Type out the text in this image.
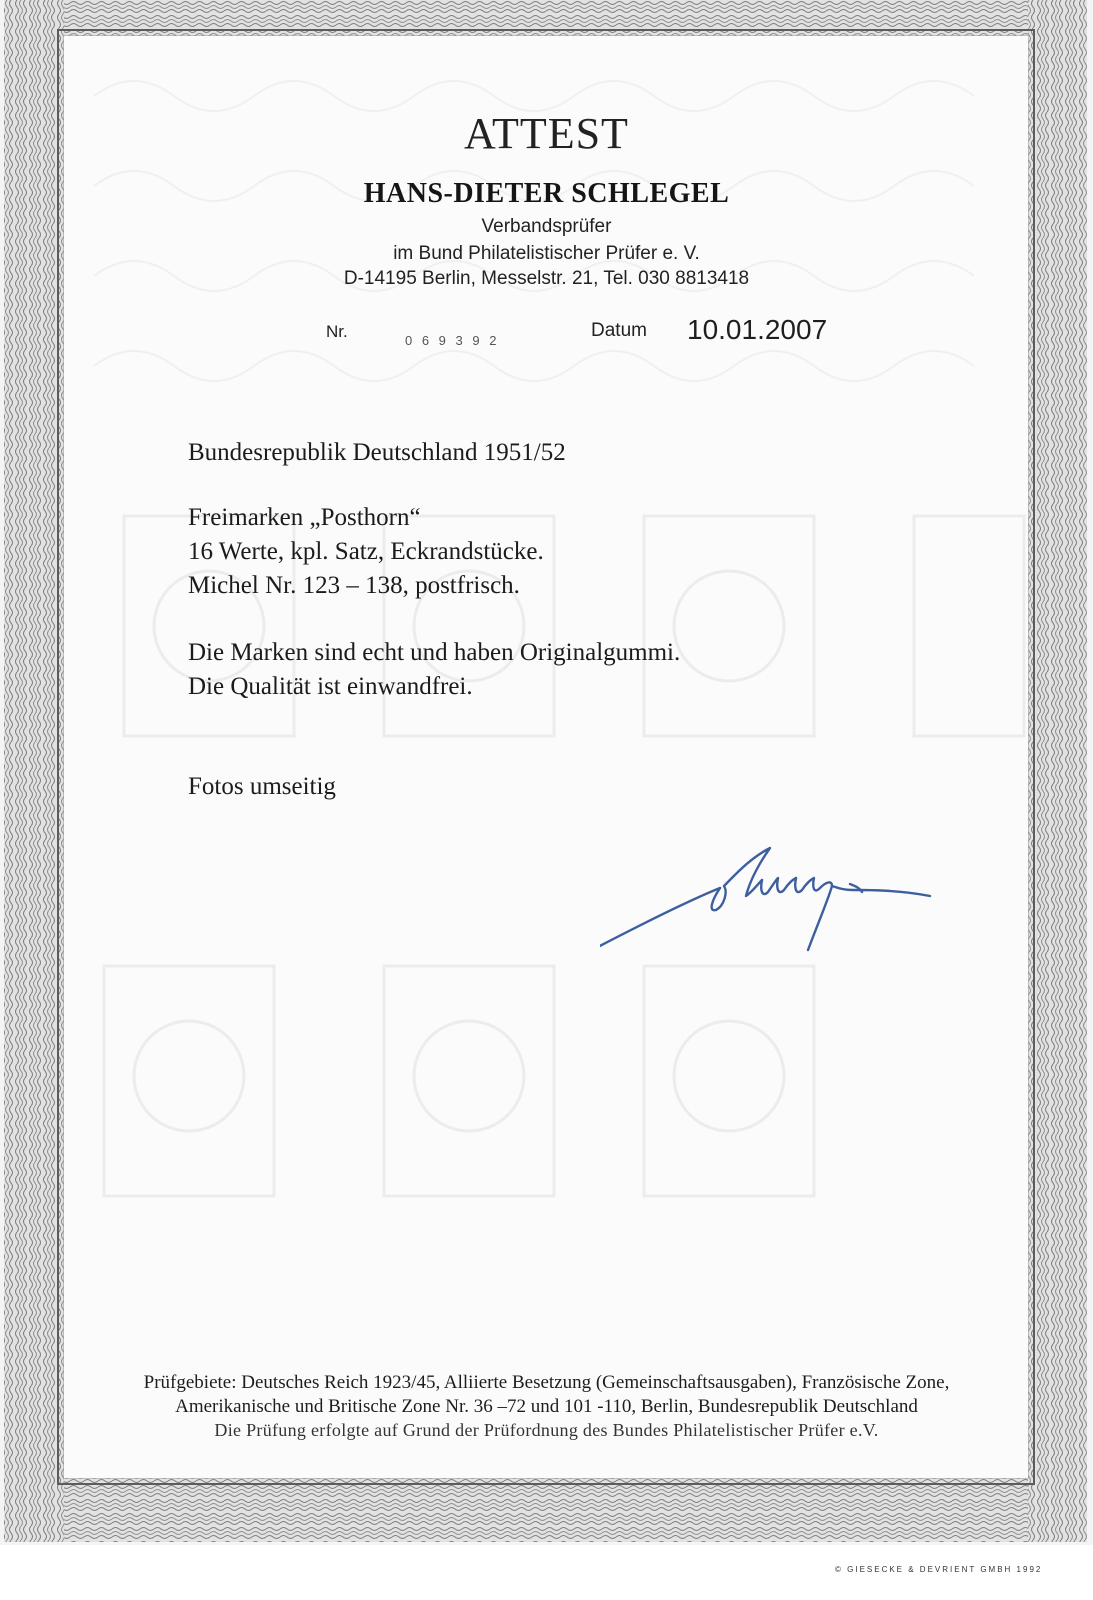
ATTEST
HANS-DIETER SCHLEGEL
Verbandsprüfer
im Bund Philatelistischer Prüfer e. V.
D-14195 Berlin, Messelstr. 21, Tel. 030 8813418
Nr.	0 6 9 3 9 2	Datum 10.01.2007
Bundesrepublik Deutschland 1951/52
Freimarken „Posthorn“
16 Werte, kpl. Satz, Eckrandstücke.
Michel Nr. 123 – 138, postfrisch.
Die Marken sind echt und haben Originalgummi.
Die Qualität ist einwandfrei.
Fotos umseitig
Prüfgebiete: Deutsches Reich 1923/45, Alliierte Besetzung (Gemeinschaftsausgaben), Französische Zone,
Amerikanische und Britische Zone Nr. 36 –72 und 101 -110, Berlin, Bundesrepublik Deutschland
Die Prüfung erfolgte auf Grund der Prüfordnung des Bundes Philatelistischer Prüfer e.V.
© GIESECKE & DEVRIENT GMBH 1992
